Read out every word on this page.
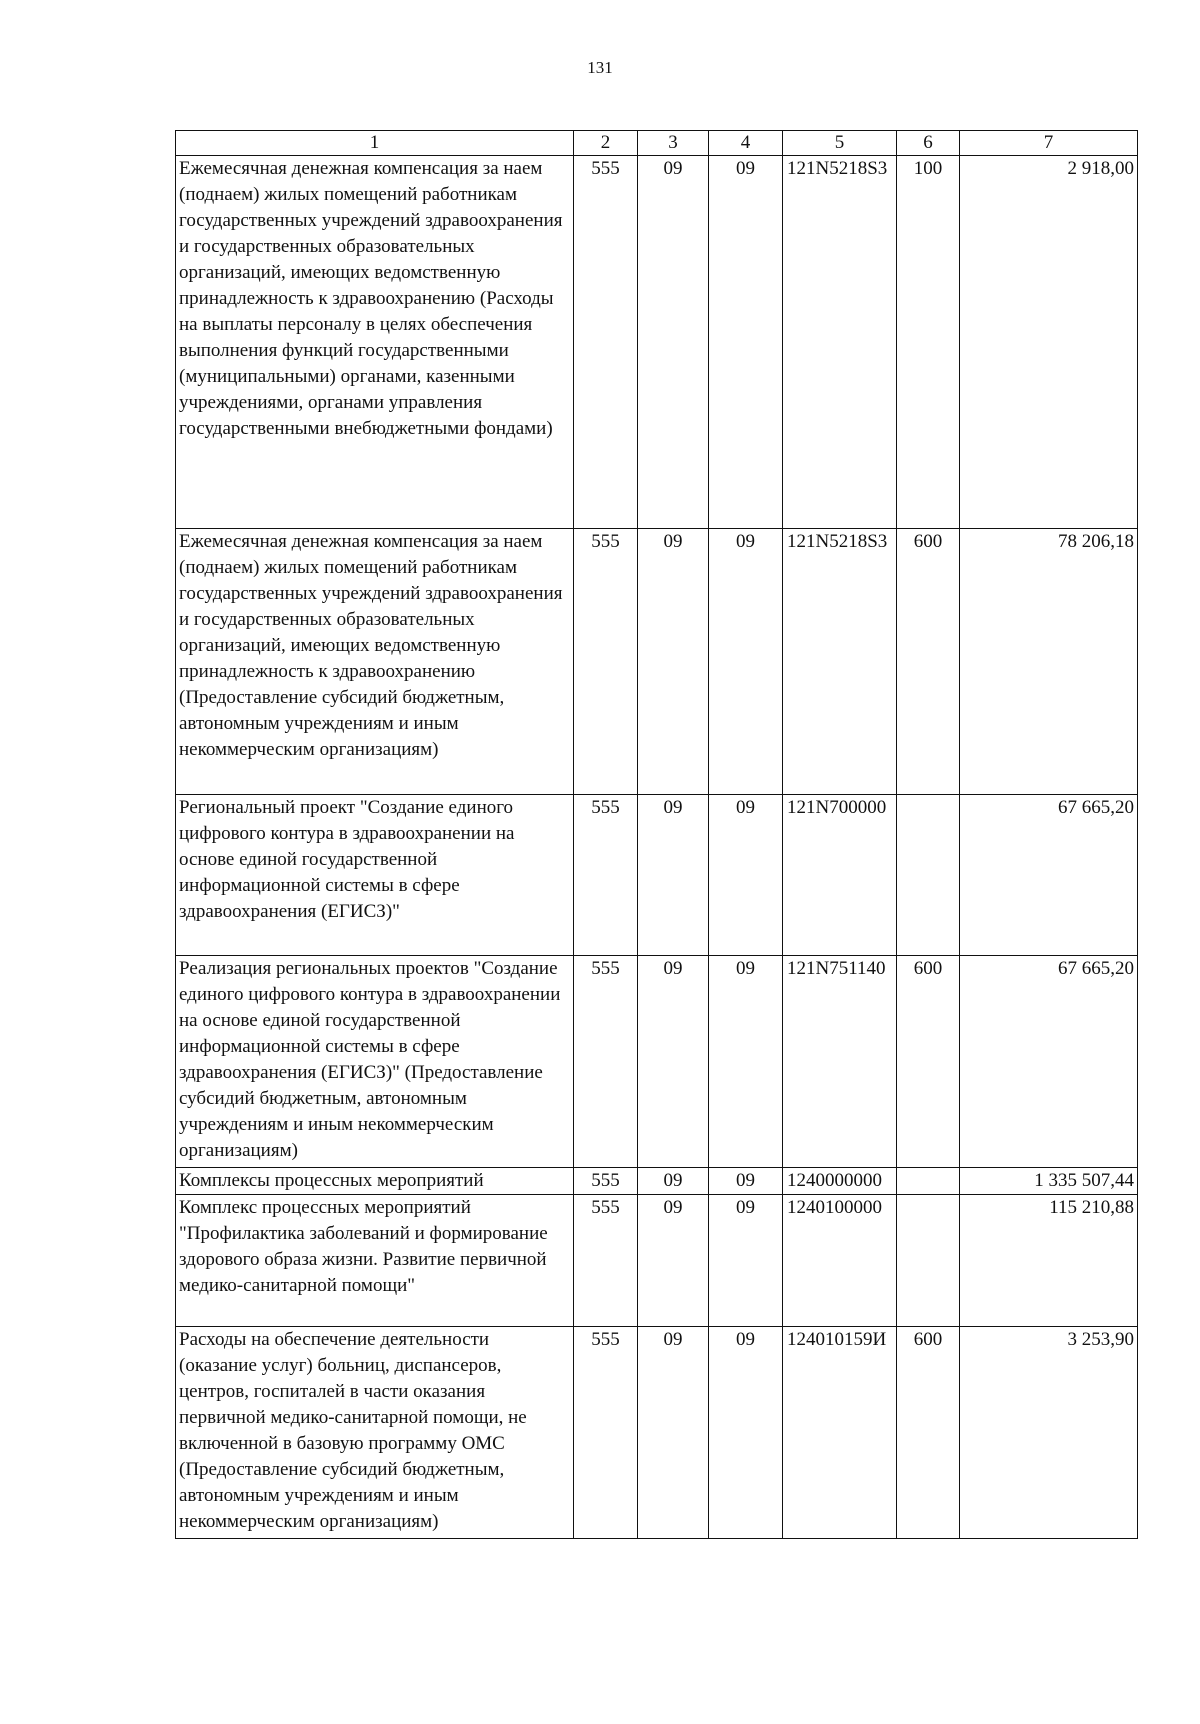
131
1	2	3	4	5	6	7
Ежемесячная денежная компенсация за наем (поднаем) жилых помещений работникам государственных учреждений здравоохранения и государственных образовательных организаций, имеющих ведомственную принадлежность к здравоохранению (Расходы на выплаты персоналу в целях обеспечения выполнения функций государственными (муниципальными) органами, казенными учреждениями, органами управления государственными внебюджетными фондами)	555	09	09	121N5218S3	100	2 918,00
Ежемесячная денежная компенсация за наем (поднаем) жилых помещений работникам государственных учреждений здравоохранения и государственных образовательных организаций, имеющих ведомственную принадлежность к здравоохранению (Предоставление субсидий бюджетным, автономным учреждениям и иным некоммерческим организациям)	555	09	09	121N5218S3	600	78 206,18
Региональный проект "Создание единого цифрового контура в здравоохранении на основе единой государственной информационной системы в сфере здравоохранения (ЕГИСЗ)"	555	09	09	121N700000		67 665,20
Реализация региональных проектов "Создание единого цифрового контура в здравоохранении на основе единой государственной информационной системы в сфере здравоохранения (ЕГИСЗ)" (Предоставление субсидий бюджетным, автономным учреждениям и иным некоммерческим организациям)	555	09	09	121N751140	600	67 665,20
Комплексы процессных мероприятий	555	09	09	1240000000		1 335 507,44
Комплекс процессных мероприятий "Профилактика заболеваний и формирование здорового образа жизни. Развитие первичной медико-санитарной помощи"	555	09	09	1240100000		115 210,88
Расходы на обеспечение деятельности (оказание услуг) больниц, диспансеров, центров, госпиталей в части оказания первичной медико-санитарной помощи, не включенной в базовую программу ОМС (Предоставление субсидий бюджетным, автономным учреждениям и иным некоммерческим организациям)	555	09	09	124010159И	600	3 253,90
